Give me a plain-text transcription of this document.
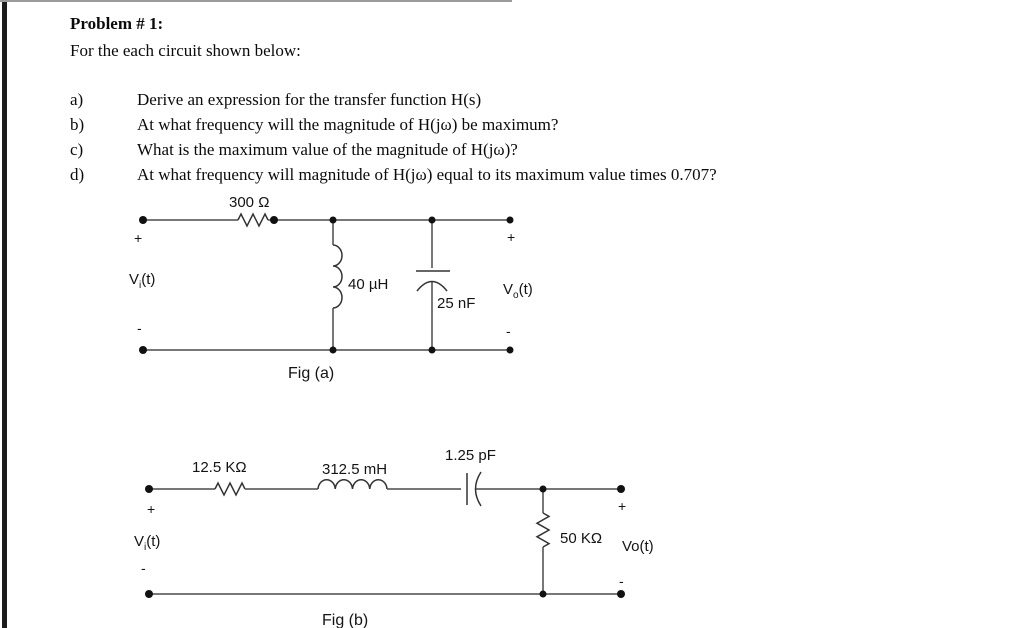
Problem # 1:
For the each circuit shown below:
a)	Derive an expression for the transfer function H(s)
b)	At what frequency will the magnitude of H(jω) be maximum?
c)	What is the maximum value of the magnitude of H(jω)?
d)	At what frequency will magnitude of H(jω) equal to its maximum value times 0.707?
300 Ω
40 µH
25 nF
+
-
+
-
$V_i(t)$
$V_o(t)$
Fig (a)
12.5 KΩ	312.5 mH
1.25 pF
50 KΩ
+
-
+
-
$V_i(t)$	Vo(t)
Fig (b)
